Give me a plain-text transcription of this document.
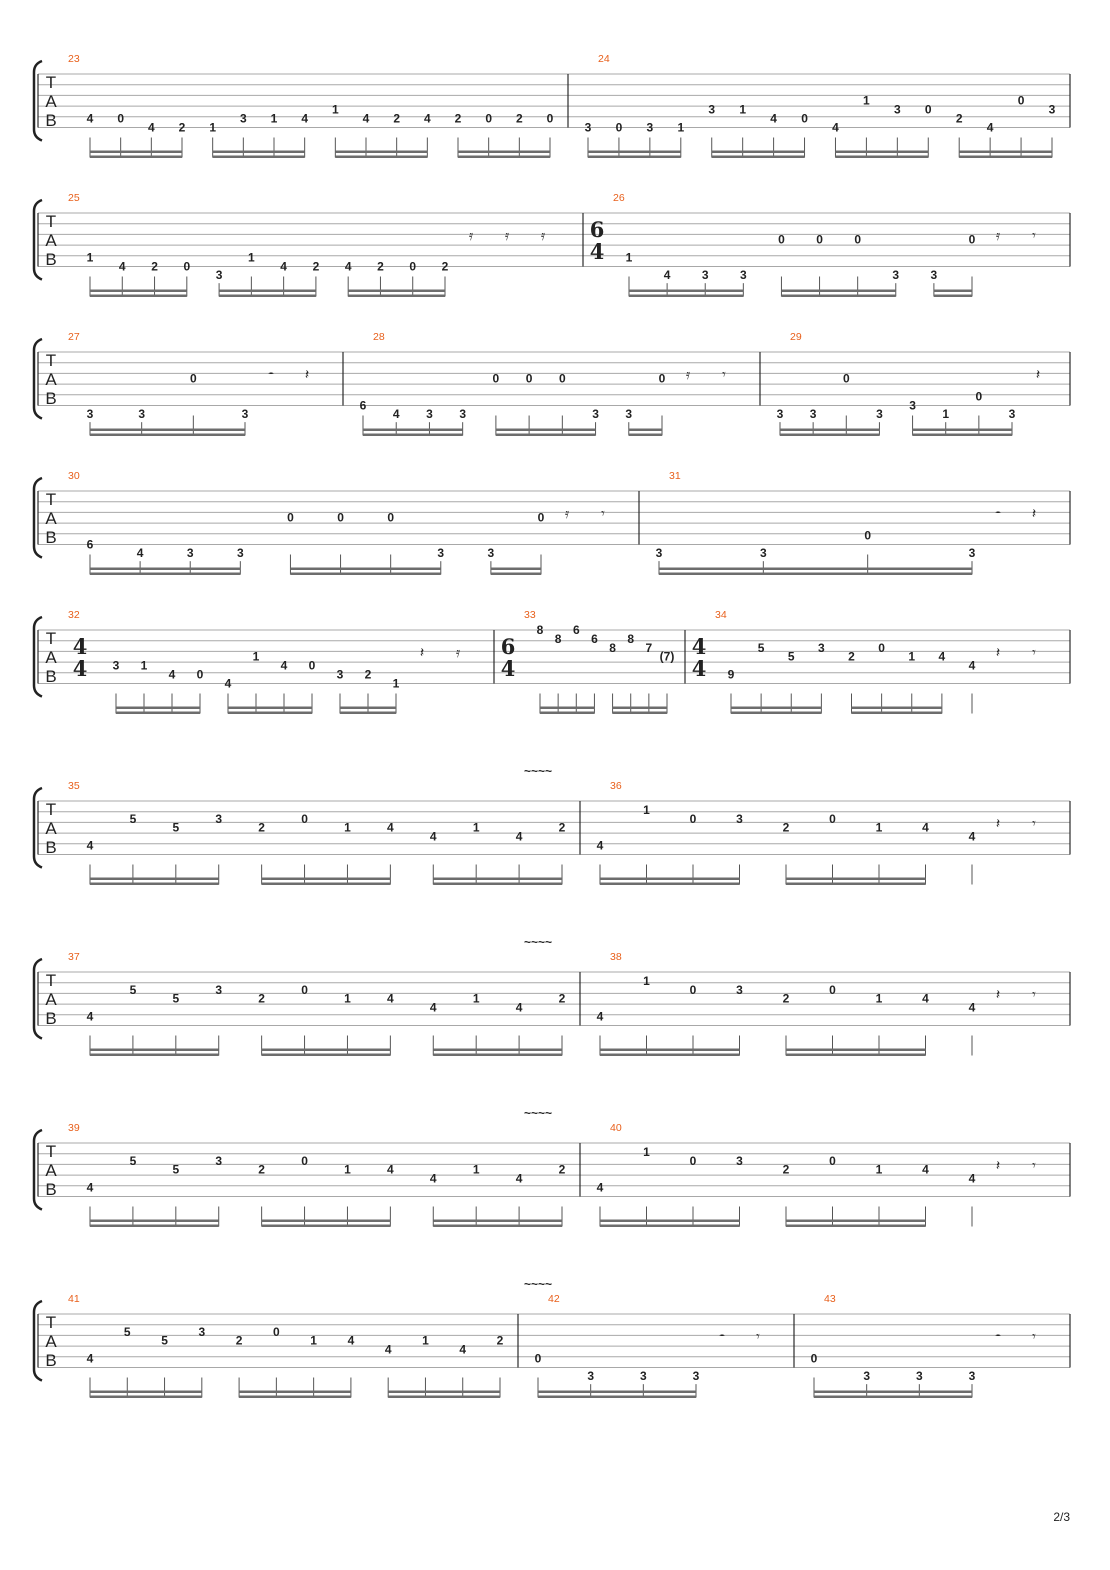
T
A
B
23
4 0
4 2 1
3 1 4
1
4 2 4 2 0 2 0
24
3 0 3 1
3 1
4 0
4
1
3 0
2
4
0
3
T
A
B
25
1
4 2 0
3
1
4 2 4 2 0 2
𝄿 𝄿 𝄿
26
6
4 1
4	3	3
0	0	0
3	3
0 𝄿 𝄾
T
A
B
27
3	3
0
3
𝄼 𝄽
28
6
4 3 3
0 0 0
3 3
0 𝄿 𝄾
29
3 3
0
3
3
1
0
3
𝄽
T
A
B
30
6
4	3	3
0	0	0
3	3
0 𝄿 𝄾
31
3	3
0
3
𝄼 𝄽
T
A
B
32
4
4 3 1
4 0
4
1
4 0
3 2
1
𝄽 𝄿
33
6
4
8
8
6
6
8
8
7
(7)
34
4
4 9
5
5
3
2
0
1 4
4
𝄽 𝄾
T
A
B
~~~~
35
4
5
5
3
2
0
1	4
4
1
4
2
36
4
1
0	3
2
0
1	4
4
𝄽 𝄾
T
A
B
~~~~
37
4
5
5
3
2
0
1	4
4
1
4
2
38
4
1
0	3
2
0
1	4
4
𝄽 𝄾
T
A
B
~~~~
39
4
5
5
3
2
0
1	4
4
1
4
2
40
4
1
0	3
2
0
1	4
4
𝄽 𝄾
T
A
B
~~~~
41
4
5
5
3
2
0
1	4
4
1
4
2
42
0
3	3	3
𝄼 𝄾
43
0
3	3	3
𝄼 𝄾
2/3
